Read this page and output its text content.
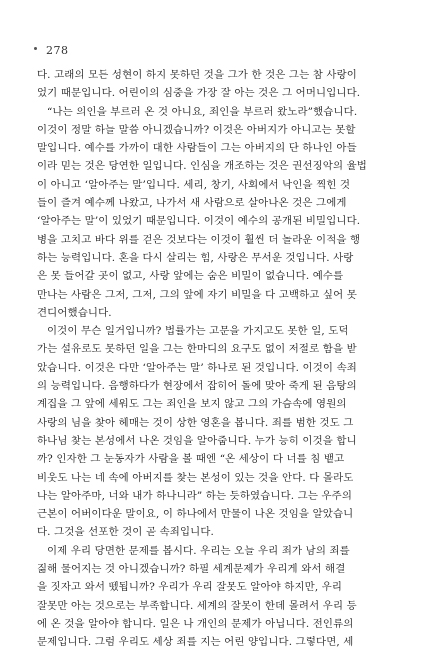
278
다. 고래의 모든 성현이 하지 못하던 것을 그가 한 것은 그는 참 사랑이
었기 때문입니다. 어린이의 심중을 가장 잘 아는 것은 그 어머니입니다.
“나는 의인을 부르러 온 것 아니요, 죄인을 부르러 왔노라”했습니다.
이것이 정말 하늘 말씀 아니겠습니까? 이것은 아버지가 아니고는 못할
말입니다. 예수를 가까이 대한 사람들이 그는 아버지의 단 하나인 아들
이라 믿는 것은 당연한 일입니다. 인심을 개조하는 것은 권선징악의 율법
이 아니고 ‘알아주는 말’입니다. 세리, 창기, 사회에서 낙인을 찍힌 것
들이 즐겨 예수께 나왔고, 나가서 새 사람으로 살아나온 것은 그에게
‘알아주는 말’이 있었기 때문입니다. 이것이 예수의 공개된 비밀입니다.
병을 고치고 바다 위를 걷은 것보다는 이것이 훨씬 더 놀라운 이적을 행
하는 능력입니다. 혼을 다시 살리는 힘, 사랑은 무서운 것입니다. 사랑
은 못 들어갈 곳이 없고, 사랑 앞에는 숨은 비밀이 없습니다. 예수를
만나는 사람은 그저, 그저, 그의 앞에 자기 비밀을 다 고백하고 싶어 못
견디어했습니다.
이것이 무슨 일거입니까? 법률가는 고문을 가지고도 못한 일, 도덕
가는 설유로도 못하던 일을 그는 한마디의 요구도 없이 저절로 함을 받
았습니다. 이것은 다만 ‘알아주는 말’ 하나로 된 것입니다. 이것이 속죄
의 능력입니다. 음행하다가 현장에서 잡히어 돌에 맞아 죽게 된 음탕의
계집을 그 앞에 세워도 그는 죄인을 보지 않고 그의 가슴속에 영원의
사랑의 님을 찾아 헤매는 것이 상한 영혼을 봅니다. 죄를 범한 것도 그
하나님 찾는 본성에서 나온 것임을 알아줍니다. 누가 능히 이것을 합니
까? 인자한 그 눈동자가 사람을 볼 때엔 “온 세상이 다 너를 침 뱉고
비웃도 나는 네 속에 아버지를 찾는 본성이 있는 것을 안다. 다 몰라도
나는 알아주마, 너와 내가 하나니라” 하는 듯하였습니다. 그는 우주의
근본이 어버이다운 말이요, 이 하나에서 만물이 나온 것임을 알았습니
다. 그것을 선포한 것이 곧 속죄입니다.
이제 우리 당면한 문제를 봅시다. 우리는 오늘 우리 죄가 남의 죄를
짊해 물어지는 것 아니겠습니까? 하필 세계문제가 우리게 와서 해결
을 짓자고 와서 뗐됩니까? 우리가 우리 잘못도 알아야 하지만, 우리
잘못만 아는 것으로는 부족합니다. 세계의 잘못이 한데 몰려서 우리 등
에 온 것을 알아야 합니다. 일은 나 개인의 문제가 아닙니다. 전인류의
문제입니다. 그럼 우리도 세상 죄를 지는 어린 양입니다. 그렇다면, 세
